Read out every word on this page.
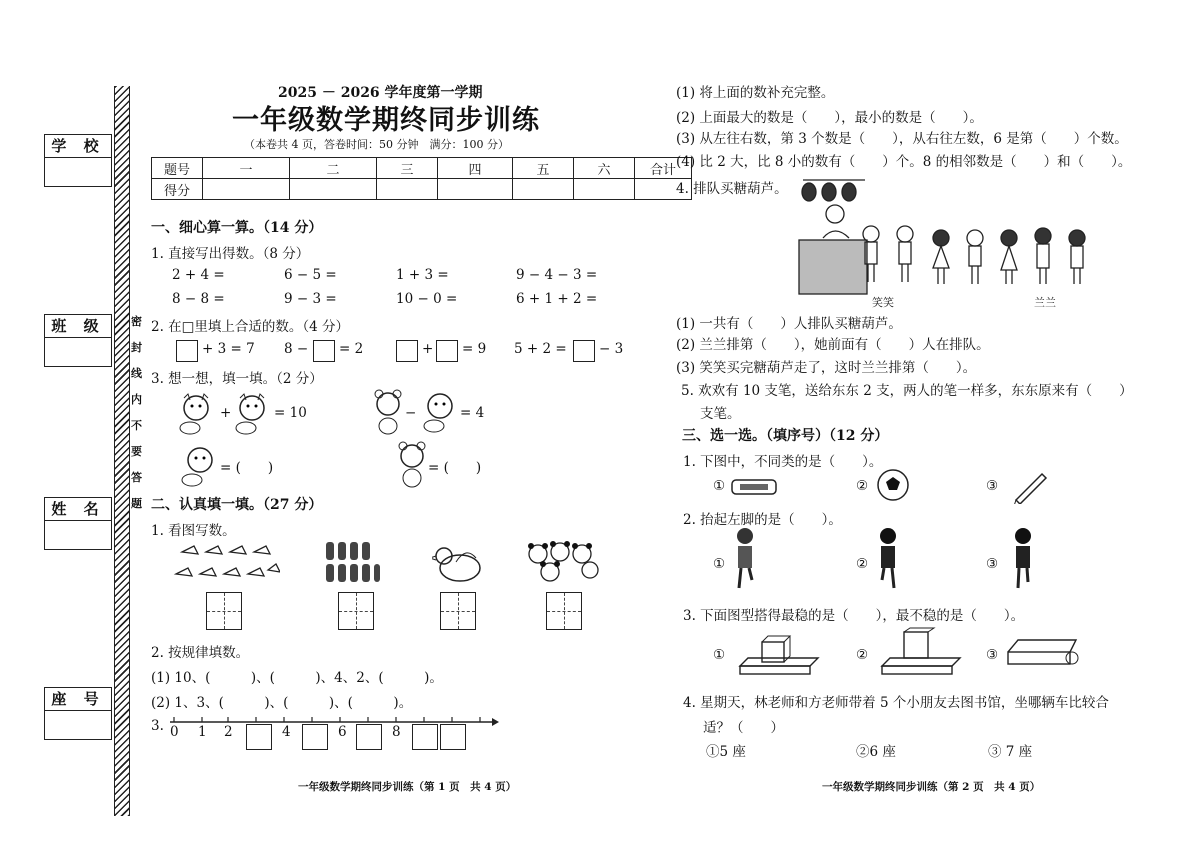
学 校
班 级
姓 名
座 号
密
封
线
内
不
要
答
题
2025 － 2026 学年度第一学期
一年级数学期终同步训练
（本卷共 4 页，答卷时间：50 分钟　满分：100 分）
题号	一	二	三	四	五	六	合计
得分							
一、细心算一算。（14 分）
1. 直接写出得数。（8 分）
2 + 4 =	6 − 5 =	1 + 3 =	9 − 4 − 3 =
8 − 8 =	9 − 3 =	10 − 0 =	6 + 1 + 2 =
2. 在□里填上合适的数。（4 分）
+ 3 = 7 8 − = 2	+ = 9 5 + 2 = − 3
3. 想一想，填一填。（2 分）
+	= 10	−	= 4
= (　　)	= (　　)
二、认真填一填。（27 分）
1. 看图写数。
2. 按规律填数。
(1) 10、(　　　)、(　　　)、4、2、(　　　)。
(2) 1、3、(　　　)、(　　　)、(　　　)。
3. 0 1 2	4	6	8
一年级数学期终同步训练（第 1 页　共 4 页）
(1) 将上面的数补充完整。
(2) 上面最大的数是（　　），最小的数是（　　）。
(3) 从左往右数，第 3 个数是（　　），从右往左数，6 是第（　　）个数。
(4) 比 2 大，比 8 小的数有（　　）个。8 的相邻数是（　　）和（　　）。
4. 排队买糖葫芦。
笑笑	兰兰
(1) 一共有（　　）人排队买糖葫芦。
(2) 兰兰排第（　　），她前面有（　　）人在排队。
(3) 笑笑买完糖葫芦走了，这时兰兰排第（　　）。
5. 欢欢有 10 支笔，送给东东 2 支，两人的笔一样多，东东原来有（　　）
支笔。
三、选一选。（填序号）（12 分）
1. 下图中，不同类的是（　　）。
①	②	③
2. 抬起左脚的是（　　）。
①	②	③
3. 下面图型搭得最稳的是（　　），最不稳的是（　　）。
①	②	③
4. 星期天，林老师和方老师带着 5 个小朋友去图书馆，坐哪辆车比较合
适？（　　）
①5 座	②6 座	③ 7 座
一年级数学期终同步训练（第 2 页　共 4 页）
